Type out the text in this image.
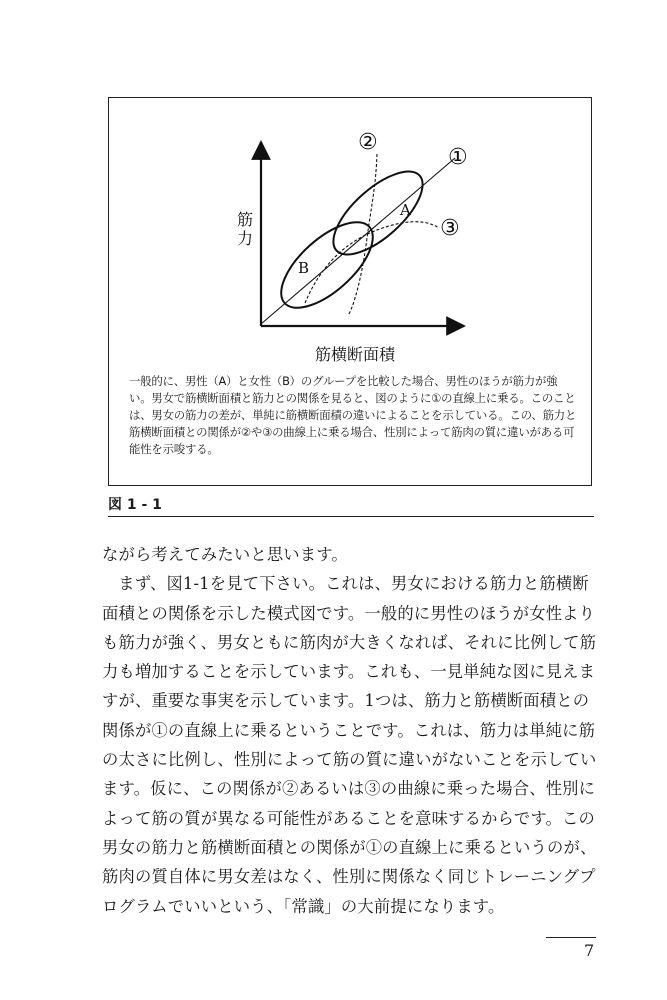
筋力
筋横断面積
A
B
①
②
③
一般的に、男性（A）と女性（B）のグループを比較した場合、男性のほうが筋力が強い。男女で筋横断面積と筋力との関係を見ると、図のように①の直線上に乗る。このことは、男女の筋力の差が、単純に筋横断面積の違いによることを示している。この、筋力と筋横断面積との関係が②や③の曲線上に乗る場合、性別によって筋肉の質に違いがある可能性を示唆する。
図 1 - 1

ながら考えてみたいと思います。

まず、図1-1を見て下さい。これは、男女における筋力と筋横断面積との関係を示した模式図です。一般的に男性のほうが女性よりも筋力が強く、男女ともに筋肉が大きくなれば、それに比例して筋力も増加することを示しています。これも、一見単純な図に見えますが、重要な事実を示しています。1つは、筋力と筋横断面積との関係が①の直線上に乗るということです。これは、筋力は単純に筋の太さに比例し、性別によって筋の質に違いがないことを示しています。仮に、この関係が②あるいは③の曲線に乗った場合、性別によって筋の質が異なる可能性があることを意味するからです。この男女の筋力と筋横断面積との関係が①の直線上に乗るというのが、筋肉の質自体に男女差はなく、性別に関係なく同じトレーニングプログラムでいいという、「常識」の大前提になります。

7
